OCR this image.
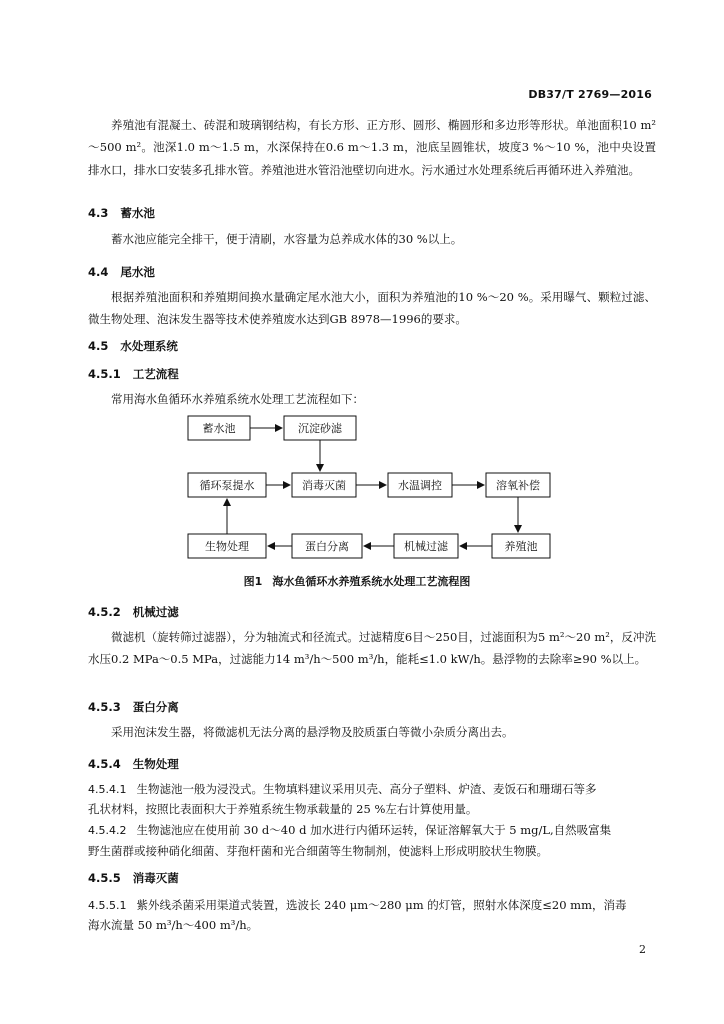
DB37/T 2769—2016
养殖池有混凝土、砖混和玻璃钢结构，有长方形、正方形、圆形、椭圆形和多边形等形状。单池面积10 m²～500 m²。池深1.0 m～1.5 m，水深保持在0.6 m～1.3 m，池底呈圆锥状，坡度3 %～10 %，池中央设置排水口，排水口安装多孔排水管。养殖池进水管沿池壁切向进水。污水通过水处理系统后再循环进入养殖池。
4.3 蓄水池
蓄水池应能完全排干，便于清刷，水容量为总养成水体的30 %以上。
4.4 尾水池
根据养殖池面积和养殖期间换水量确定尾水池大小，面积为养殖池的10 %～20 %。采用曝气、颗粒过滤、微生物处理、泡沫发生器等技术使养殖废水达到GB 8978—1996的要求。
4.5 水处理系统
4.5.1 工艺流程
常用海水鱼循环水养殖系统水处理工艺流程如下：
蓄水池	沉淀砂滤
循环泵提水	消毒灭菌	水温调控	溶氧补偿
生物处理	蛋白分离	机械过滤	养殖池
图1 海水鱼循环水养殖系统水处理工艺流程图
4.5.2 机械过滤
微滤机（旋转筛过滤器），分为轴流式和径流式。过滤精度6目～250目，过滤面积为5 m²～20 m²，反冲洗水压0.2 MPa～0.5 MPa，过滤能力14 m³/h～500 m³/h，能耗≤1.0 kW/h。悬浮物的去除率≥90 %以上。
4.5.3 蛋白分离
采用泡沫发生器，将微滤机无法分离的悬浮物及胶质蛋白等微小杂质分离出去。
4.5.4 生物处理
4.5.4.1 生物滤池一般为浸没式。生物填料建议采用贝壳、高分子塑料、炉渣、麦饭石和珊瑚石等多
孔状材料，按照比表面积大于养殖系统生物承载量的 25 %左右计算使用量。
4.5.4.2 生物滤池应在使用前 30 d～40 d 加水进行内循环运转，保证溶解氧大于 5 mg/L,自然吸富集
野生菌群或接种硝化细菌、芽孢杆菌和光合细菌等生物制剂，使滤料上形成明胶状生物膜。
4.5.5 消毒灭菌
4.5.5.1 紫外线杀菌采用渠道式装置，选波长 240 μm～280 μm 的灯管，照射水体深度≤20 mm，消毒
海水流量 50 m³/h～400 m³/h。
2
